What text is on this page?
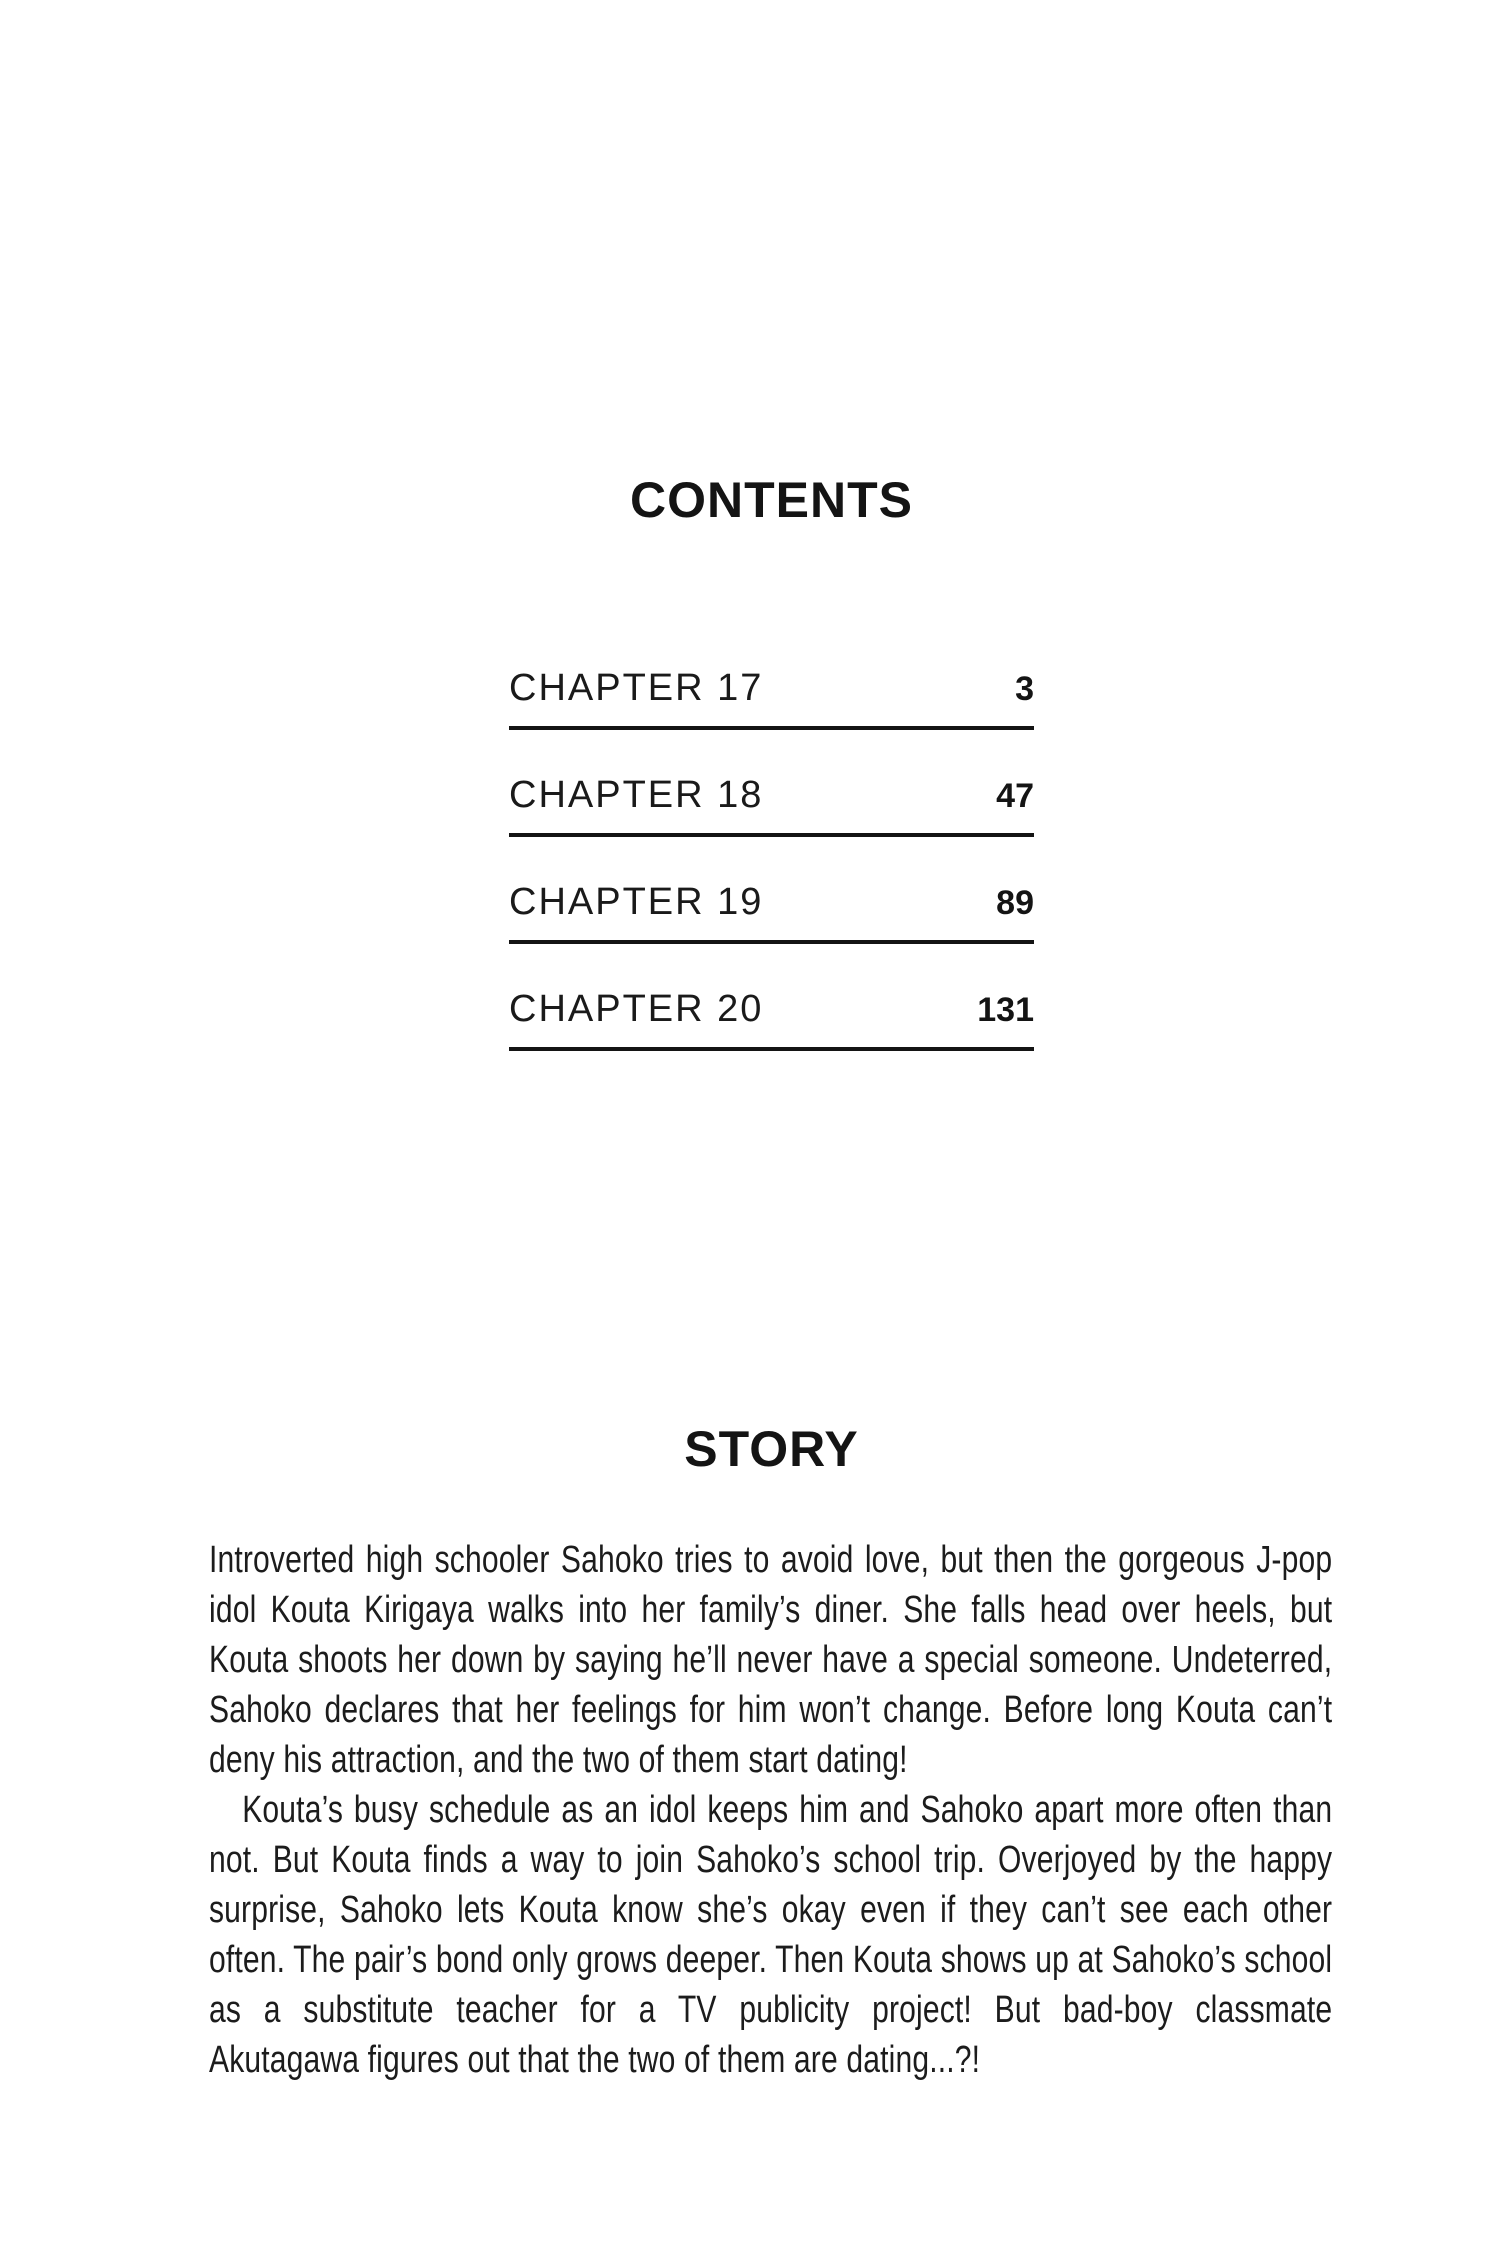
CONTENTS
CHAPTER 17	3
CHAPTER 18	47
CHAPTER 19	89
CHAPTER 20	131
STORY

Introverted high schooler Sahoko tries to avoid love, but then the gorgeous J-pop idol Kouta Kirigaya walks into her family’s diner. She falls head over heels, but Kouta shoots her down by saying he’ll never have a special someone. Undeterred, Sahoko declares that her feelings for him won’t change. Before long Kouta can’t deny his attraction, and the two of them start dating!

Kouta’s busy schedule as an idol keeps him and Sahoko apart more often than not. But Kouta finds a way to join Sahoko’s school trip. Overjoyed by the happy surprise, Sahoko lets Kouta know she’s okay even if they can’t see each other often. The pair’s bond only grows deeper. Then Kouta shows up at Sahoko’s school as a substitute teacher for a TV publicity project! But bad-boy classmate Akutagawa figures out that the two of them are dating...?!
